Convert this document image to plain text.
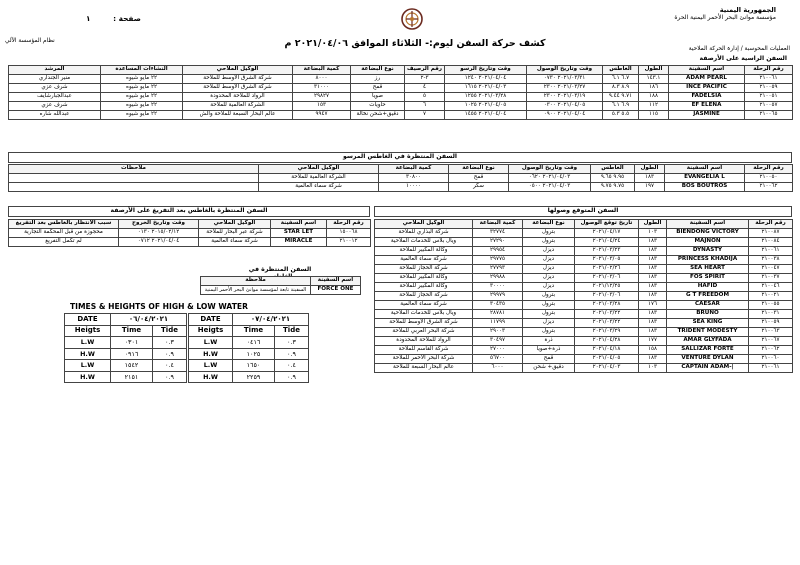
الجمهورية اليمنية
مؤسسة موانئ البحر الأحمر اليمنية الحرة
صفحة : ١
كشف حركة السفن ليوم:- الثلاثاء الموافق ٢٠٢١/٠٤/٠٦ م
نظام المؤسسة الآلي
العمليات المحوسبة / إدارة الحركة الملاحية
السفن الراسية على الأرصفة
رقم الرحلة	اسم السفينة	الطول	الغاطس	وقت وتاريخ الوصول	وقت وتاريخ الرسو	رقم الرصيف	نوع البضاعة	كمية البضاعة	الوكيل الملاحي	النشاءات المساعدة	المرشد
٢١٠٠٦١	ADAM PEARL	١٤٣.١	٦.٧ ٦.١	٢٠٢١/٠٣/٣١ ٠٧٣٠	٢٠٢١/٠٤/٠٤ ١٢٤٠	٣-٢	رز	٨٠٠٠	شركة الشرق الأوسط للملاحة	٢٢ مايو شيوه	منير الجنداري
٢١٠٠٥٩	INCE PACIFIC	١٨٦	٨.٩ ٨.٣	٢٠٢١/٠٣/٢٧ ٢٣٠٠	٢٠٢١/٠٤/٠٣ ١٦١٥	٤	قمح	٣١٠٠٠	شركة الشرق الأوسط للملاحة	٢٢ مايو شيوه	شرف عزي
٢١٠٠٥١	FADELSIA	١٨٨	٩.٧١ ٩.٤٤	٢٠٢١/٠٣/١٩ ٢٣٠٠	٢٠٢١/٠٣/٢٨ ١٢٥٥	٥	صويا	٢٩٨٢٧	الرواد للملاحة المحدودة	٢٢ مايو شيوه	عبدالجبارشايف
٢١٠٠٥٧	EF ELENA	١١٢	٦.٩ ٦.١	٢٠٢١/٠٤/٠٥ ٠٣٠٠	٢٠٢١/٠٤/٠٥ ١٠٢٥	٦	حاويات	١٥٣	الشركة العالمية للملاحة	٢٢ مايو شيوه	شرف عزي
٢١٠٠٦٥	JASMINE	١١٥	٥.٥ ٥.٣	٢٠٢١/٠٤/٠٤ ٠٩٠٠	٢٠٢١/٠٤/٠٤ ١٤٥٥	٧	دقيق+شحن نخالة	٩٩٤٧	عالم البحار السبعة للملاحة والش	٢٢ مايو شيوه	عبدالله شاره
السفن المنتظرة في الغاطس المرسو
رقم الرحلة	اسم السفينة	الطول	الغاطس	وقت وتاريخ الوصول	نوع البضاعة	كمية البضاعة	الوكيل الملاحي	ملاحظات
٢١٠٠٥٠	EVANGELIA L	١٨٣	٩.٩٥ ٩.٦٥	٢٠٢١/٠٤/٠٣ ٠٦٢٠	قمح	٣٠٨٠٠	الشركة العالمية للملاحة	
٢١٠٠٦٢	BOS BOUTROS	١٩٧	٩.٧٥ ٩.٧٥	٢٠٢١/٠٤/٠٣ ٠٥٠٠	سكر	١٠٠٠٠	شركة سماء العالمية	
السفن المتوقع وصولها
رقم الرحلة	اسم السفينة	الطول	تاريخ توقع الوصول	نوع البضاعة	كمية البضاعة	الوكيل الملاحي
٢١٠٠٨٧	BIENDONG VICTORY	١٠٣	٢٠٢١/٠٤/١٧	بترول	٣٢٧٧٤	شركة البذاري للملاحة
٢١٠٠٨٤	MAJNON	١٨٣	٢٠٢١/٠٤/٢٤	بترول	٢٧٢٩٠	ويال بلاس للخدمات الملاحية
٢١٠٠٦١	DYNASTY	١٨٣	٢٠٢١/٠٣/٢٣	ديزل	٢٩٩٥٤	وكالة المكبير للملاحة
٢١٠٠٣٨	PRINCESS KHADIJA	١٨٣	٢٠٢١/٠٣/٠٥	ديزل	٢٩٧٧٥	شركة سماء العالمية
٢١٠٠٤٧	SEA HEART	١٨٣	٢٠٢١/٠٢/٢٦	ديزل	٢٧٧٩٣	شركة الحجاز للملاحة
٢١٠٠٣٧	FOS SPIRIT	١٨٣	٢٠٢١/٠٣/٠٦	ديزل	٢٩٩٨٨	وكالة المكبير للملاحة
٢١٠٠٤٦	HAFID	١٨٣	٢٠٢١/١٢/٢٥	ديزل	٣٠٠٠٠	وكالة المكبير للملاحة
٢١٠٠٢١	G T FREEDOM	١٨٣	٢٠٢١/٠٣/٠٦	بترول	٢٩٩٧٩	شركة الحجاز للملاحة
٢١٠٠٥٥	CAESAR	١٧٦	٢٠٢١/٠٣/٢٨	بترول	٣٠٤٣٥	شركة سماء العالمية
٢١٠٠٣١	BRUNO	١٨٣	٢٠٢١/٠٣/٢٢	بترول	٢٨٧٨١	ويال بلاس للخدمات الملاحية
٢١٠٠٥٩	SEA KING	١٨٣	٢٠٢١/٠٣/٢٢	ديزل	١١٧٩٩	شركة الشرق الأوسط للملاحة
٢١٠٠٦٣	TRIDENT MODESTY	١٨٣	٢٠٢١/٠٣/٢٩	بترول	٢٩٠٠٣	شركة البحر العربي للملاحة
٢١٠٠٦٧	AMAR GLYFADA	١٧٧	٢٠٢١/٠٤/٢٨	ذرة	٣٠٤٩٧	الرواد للملاحة المحدودة
٢١٠٠٦٢	SALLIZAR FORTE	١٥٨	٢٠٢١/٠٤/١٨	ذرة+صويا	٢٧٠٠٠	شركة القاسم للملاحة
٢١٠٠٦٠	VENTURE DYLAN	١٨٣	٢٠٢١/٠٤/٠٥	قمح	٥٦٧٠٠	شركة البحر الأحمر للملاحة
٢١٠٠٦١	CAPTAIN ADAM-|	١٠٣	٢٠٢١/٠٤/٠٣	دقيق+ شحن	٦٠٠٠	عالم البحار السبعة للملاحة
السفن المنتظرة بالغاطس بعد التفريغ على الأرصفة
رقم الرحلة	اسم السفينة	الوكيل الملاحي	وقت وتاريخ الخروج	سبب الانتظار بالغاطس بعد التفريغ
١٥٠٠٦٨	STAR LET	شركة عبر البحار للملاحة	٢٠١٥/٠٢/١٢ ٠١٣٠	محجوزة من قبل المحكمة التجارية
٢١٠٠١٢	MIRACLE	شركة سماء العالمية	٢٠٢١/٠٤/٠٤ ٠٧١٢	لم تكمل التفريغ
السفن المنتظرة في
اسم السفينة	ملاحظة
FORCE ONE	السفينة تابعة لمؤسسة موانئ البحر الأحمر اليمنية
TIMES & HEIGHTS OF HIGH & LOW WATER
DATE	٠٦/٠٤/٢٠٢١	
Heigts	Time	Tide
L.W	٠٣٠١	٠.٣
H.W	٠٩١٦	٠.٩
L.W	١٥٤٢	٠.٤
H.W	٢١٥١	٠.٩
DATE	٠٧/٠٤/٢٠٢١	
Heigts	Time	Tide
L.W	٠٤١٦	٠.٣
H.W	١٠٢٥	٠.٩
L.W	١٦٥٠	٠.٤
H.W	٢٢٥٩	٠.٩
